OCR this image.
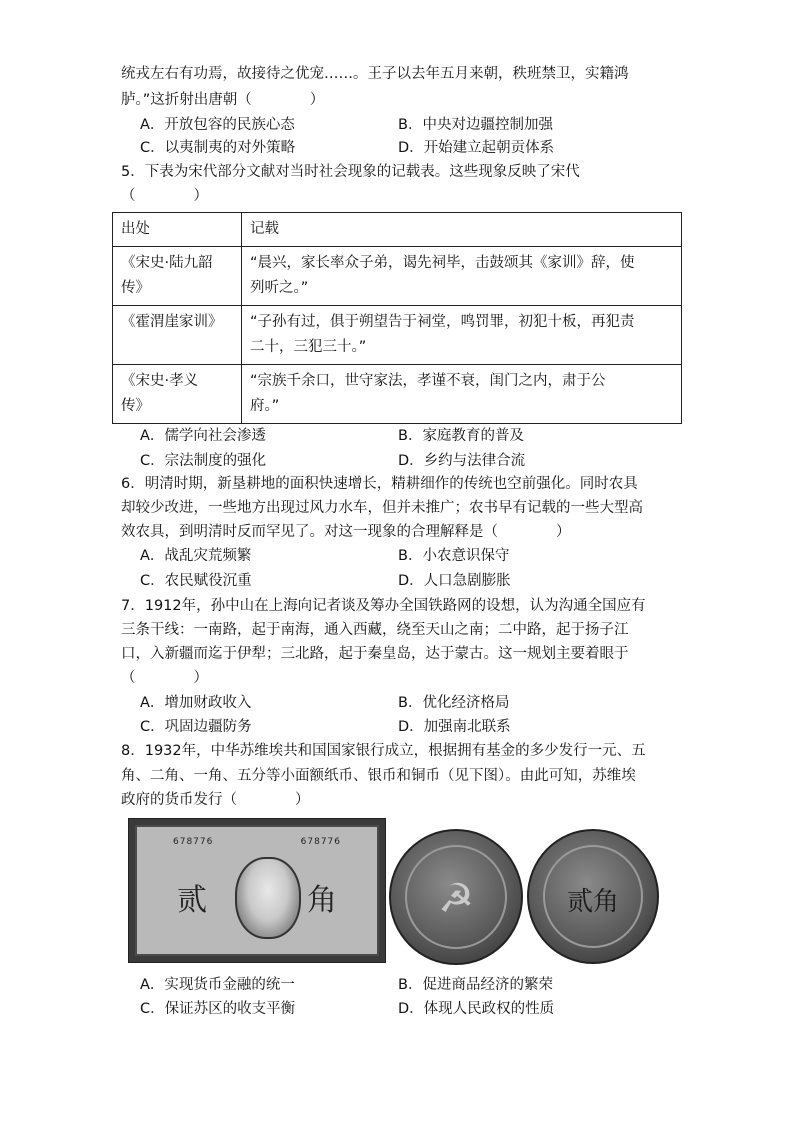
统戎左右有功焉，故接待之优宠……。王子以去年五月来朝，秩班禁卫，实籍鸿
胪。”这折射出唐朝（　　　　）
A．开放包容的民族心态	B．中央对边疆控制加强
C．以夷制夷的对外策略	D．开始建立起朝贡体系
5．下表为宋代部分文献对当时社会现象的记载表。这些现象反映了宋代
（　　　　）
出处	记载
《宋史·陆九韶
传》	“晨兴，家长率众子弟，谒先祠毕，击鼓颂其《家训》辞，使
列听之。”
《霍渭崖家训》	“子孙有过，俱于朔望告于祠堂，鸣罚罪，初犯十板，再犯责
二十，三犯三十。”
《宋史·孝义
传》	“宗族千余口，世守家法，孝谨不衰，闺门之内，肃于公
府。”
A．儒学向社会渗透	B．家庭教育的普及
C．宗法制度的强化	D．乡约与法律合流
6．明清时期，新垦耕地的面积快速增长，精耕细作的传统也空前强化。同时农具
却较少改进，一些地方出现过风力水车，但并未推广；农书早有记载的一些大型高
效农具，到明清时反而罕见了。对这一现象的合理解释是（　　　　）
A．战乱灾荒频繁	B．小农意识保守
C．农民赋役沉重	D．人口急剧膨胀
7．1912年，孙中山在上海向记者谈及筹办全国铁路网的设想，认为沟通全国应有
三条干线：一南路，起于南海，通入西藏，绕至天山之南；二中路，起于扬子江
口，入新疆而迄于伊犁；三北路，起于秦皇岛，达于蒙古。这一规划主要着眼于
（　　　　）
A．增加财政收入	B．优化经济格局
C．巩固边疆防务	D．加强南北联系
8．1932年，中华苏维埃共和国国家银行成立，根据拥有基金的多少发行一元、五
角、二角、一角、五分等小面额纸币、银币和铜币（见下图）。由此可知，苏维埃
政府的货币发行（　　　　）
678776	678776
贰	角	☭	贰角
A．实现货币金融的统一	B．促进商品经济的繁荣
C．保证苏区的收支平衡	D．体现人民政权的性质
